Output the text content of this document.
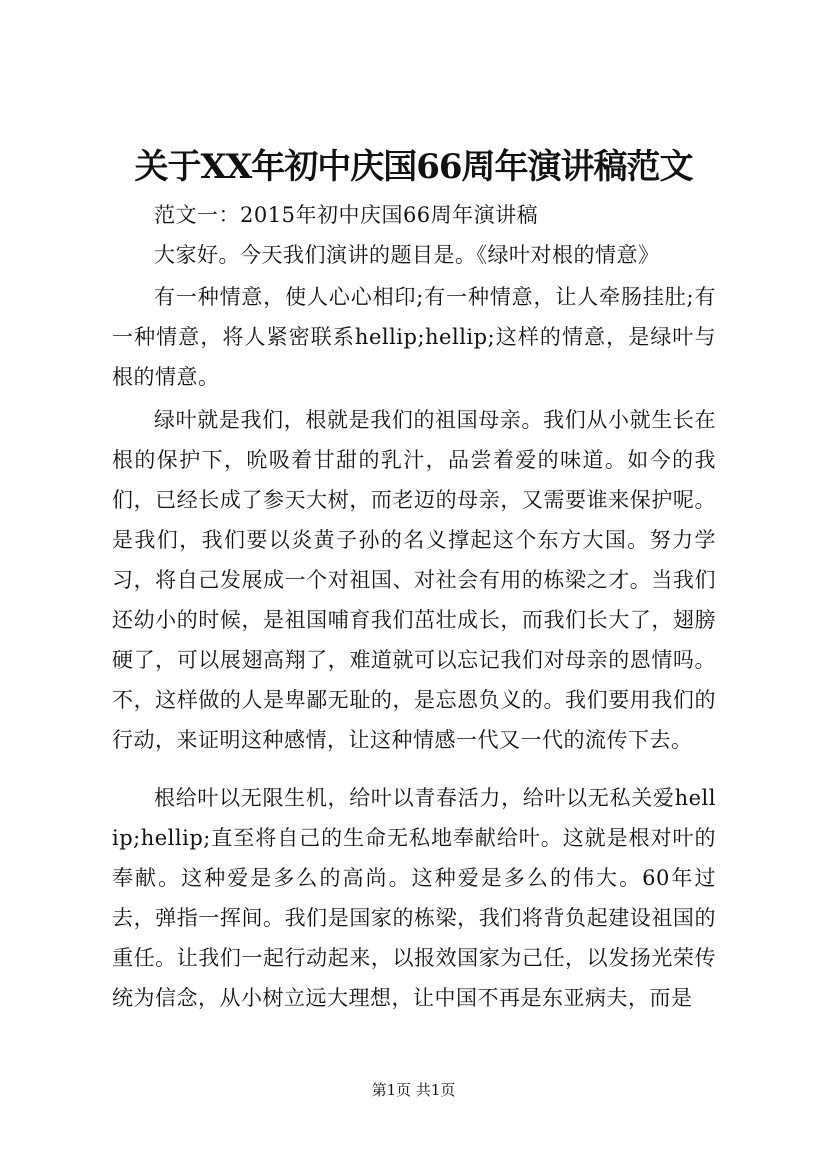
关于XX年初中庆国66周年演讲稿范文

范文一：2015年初中庆国66周年演讲稿

大家好。今天我们演讲的题目是。《绿叶对根的情意》

有一种情意，使人心心相印;有一种情意，让人牵肠挂肚;有一种情意，将人紧密联系hellip;hellip;这样的情意，是绿叶与根的情意。

绿叶就是我们，根就是我们的祖国母亲。我们从小就生长在根的保护下，吮吸着甘甜的乳汁，品尝着爱的味道。如今的我们，已经长成了参天大树，而老迈的母亲，又需要谁来保护呢。是我们，我们要以炎黄子孙的名义撑起这个东方大国。努力学习，将自己发展成一个对祖国、对社会有用的栋梁之才。当我们还幼小的时候，是祖国哺育我们茁壮成长，而我们长大了，翅膀硬了，可以展翅高翔了，难道就可以忘记我们对母亲的恩情吗。不，这样做的人是卑鄙无耻的，是忘恩负义的。我们要用我们的行动，来证明这种感情，让这种情感一代又一代的流传下去。

根给叶以无限生机，给叶以青春活力，给叶以无私关爱hellip;hellip;直至将自己的生命无私地奉献给叶。这就是根对叶的奉献。这种爱是多么的高尚。这种爱是多么的伟大。60年过去，弹指一挥间。我们是国家的栋梁，我们将背负起建设祖国的重任。让我们一起行动起来，以报效国家为己任，以发扬光荣传统为信念，从小树立远大理想，让中国不再是东亚病夫，而是

第1页 共1页
